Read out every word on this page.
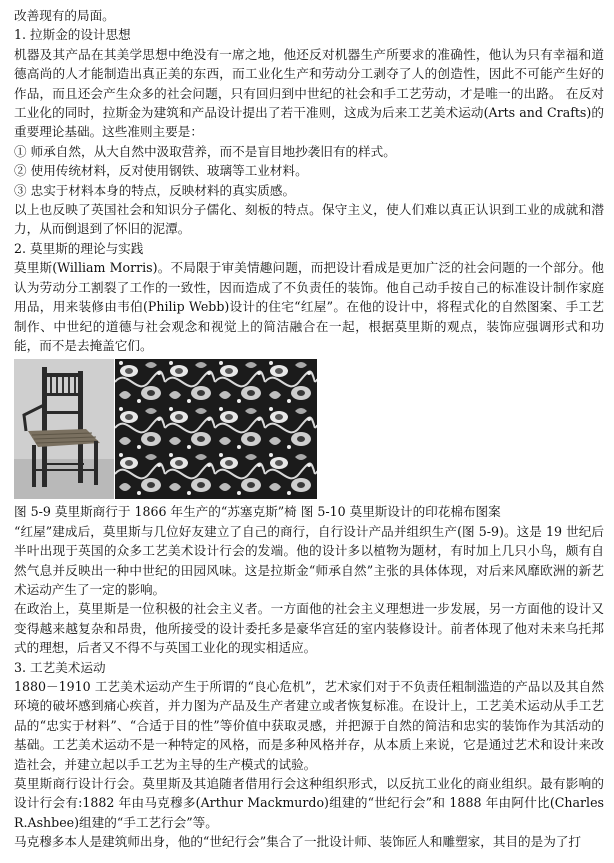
改善现有的局面。

1. 拉斯金的设计思想

机器及其产品在其美学思想中绝没有一席之地，他还反对机器生产所要求的准确性，他认为只有幸福和道德高尚的人才能制造出真正美的东西，而工业化生产和劳动分工剥夺了人的创造性，因此不可能产生好的作品，而且还会产生众多的社会问题，只有回归到中世纪的社会和手工艺劳动，才是唯一的出路。 在反对工业化的同时，拉斯金为建筑和产品设计提出了若干准则，这成为后来工艺美术运动(Arts and Crafts)的重要理论基础。这些准则主要是：

① 师承自然，从大自然中汲取营养，而不是盲目地抄袭旧有的样式。

② 使用传统材料，反对使用钢铁、玻璃等工业材料。

③ 忠实于材料本身的特点，反映材料的真实质感。

以上也反映了英国社会和知识分子儒化、刻板的特点。保守主义，使人们难以真正认识到工业的成就和潜力，从而倒退到了怀旧的泥潭。

2. 莫里斯的理论与实践

莫里斯(William Morris)。不局限于审美情趣问题，而把设计看成是更加广泛的社会问题的一个部分。他认为劳动分工割裂了工作的一致性，因而造成了不负责任的装饰。他自己动手按自己的标准设计制作家庭用品，用来装修由韦伯(Philip Webb)设计的住宅“红屋”。在他的设计中，将程式化的自然图案、手工艺制作、中世纪的道德与社会观念和视觉上的简洁融合在一起，根据莫里斯的观点，装饰应强调形式和功能，而不是去掩盖它们。

图 5-9 莫里斯商行于 1866 年生产的“苏塞克斯”椅 图 5-10 莫里斯设计的印花棉布图案

“红屋”建成后，莫里斯与几位好友建立了自己的商行，自行设计产品并组织生产(图 5-9)。这是 19 世纪后半叶出现于英国的众多工艺美术设计行会的发端。他的设计多以植物为题材，有时加上几只小鸟，颇有自然气息并反映出一种中世纪的田园风味。这是拉斯金“师承自然”主张的具体体现，对后来风靡欧洲的新艺术运动产生了一定的影响。

在政治上，莫里斯是一位积极的社会主义者。一方面他的社会主义理想进一步发展，另一方面他的设计又变得越来越复杂和昂贵，他所接受的设计委托多是豪华宫廷的室内装修设计。前者体现了他对未来乌托邦式的理想，后者又不得不与英国工业化的现实相适应。

3. 工艺美术运动

1880－1910 工艺美术运动产生于所谓的“良心危机”，艺术家们对于不负责任粗制滥造的产品以及其自然环境的破坏感到痛心疾首，并力图为产品及生产者建立或者恢复标准。在设计上，工艺美术运动从手工艺品的“忠实于材料”、“合适于目的性”等价值中获取灵感，并把源于自然的简洁和忠实的装饰作为其活动的基础。工艺美术运动不是一种特定的风格，而是多种风格并存，从本质上来说，它是通过艺术和设计来改造社会，并建立起以手工艺为主导的生产模式的试验。

莫里斯商行设计行会。莫里斯及其追随者借用行会这种组织形式，以反抗工业化的商业组织。最有影响的设计行会有:1882 年由马克穆多(Arthur Mackmurdo)组建的“世纪行会”和 1888 年由阿什比(Charles R.Ashbee)组建的“手工艺行会”等。

马克穆多本人是建筑师出身，他的“世纪行会”集合了一批设计师、装饰匠人和雕塑家，其目的是为了打
